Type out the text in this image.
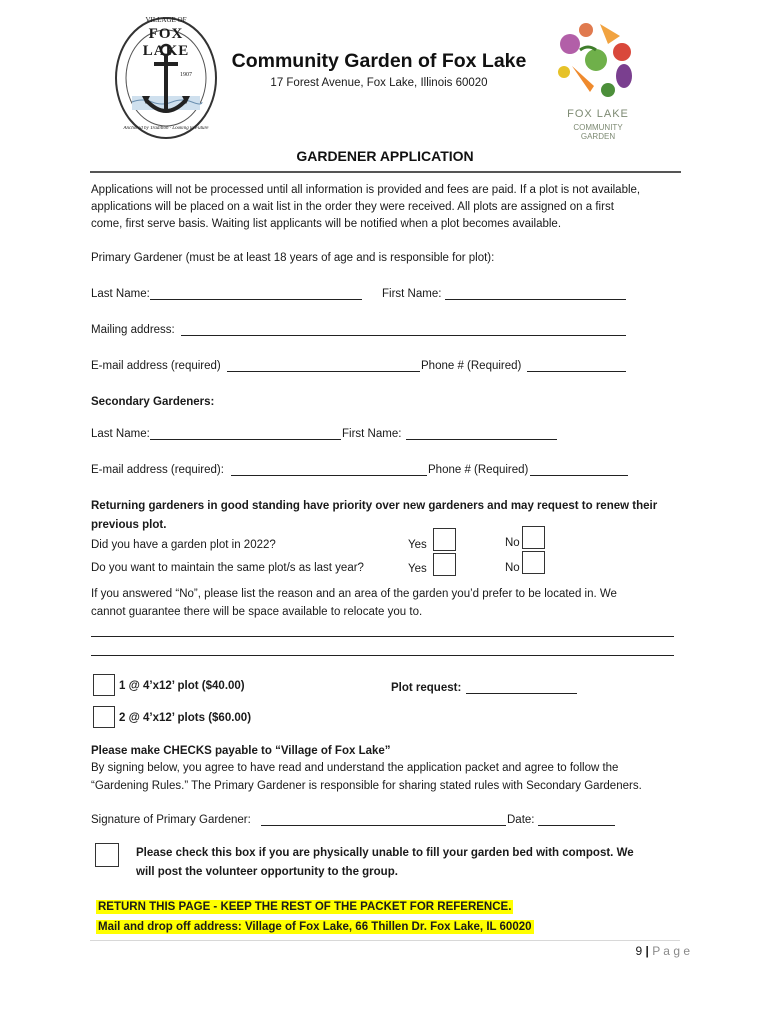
VILLAGE OF
FOX LAKE
1907
Anchored by Tradition · Looking to Future
Community Garden of Fox Lake
17 Forest Avenue, Fox Lake, Illinois 60020
FOX LAKE
COMMUNITY GARDEN
GARDENER APPLICATION
Applications will not be processed until all information is provided and fees are paid. If a plot is not available,
applications will be placed on a wait list in the order they were received. All plots are assigned on a first
come, first serve basis. Waiting list applicants will be notified when a plot becomes available.
Primary Gardener (must be at least 18 years of age and is responsible for plot):
Last Name:	First Name:
Mailing address:
E-mail address (required)	Phone # (Required)
Secondary Gardeners:
Last Name:	First Name:
E-mail address (required):	Phone # (Required)
Returning gardeners in good standing have priority over new gardeners and may request to renew their
previous plot.
Did you have a garden plot in 2022?	Yes	No
Do you want to maintain the same plot/s as last year?	Yes	No
If you answered “No”, please list the reason and an area of the garden you’d prefer to be located in. We
cannot guarantee there will be space available to relocate you to.
1 @ 4’x12’ plot ($40.00)	Plot request:
2 @ 4’x12’ plots ($60.00)
Please make CHECKS payable to “Village of Fox Lake”
By signing below, you agree to have read and understand the application packet and agree to follow the
“Gardening Rules.” The Primary Gardener is responsible for sharing stated rules with Secondary Gardeners.
Signature of Primary Gardener:	Date:
Please check this box if you are physically unable to fill your garden bed with compost. We
will post the volunteer opportunity to the group.
RETURN THIS PAGE - KEEP THE REST OF THE PACKET FOR REFERENCE.
Mail and drop off address: Village of Fox Lake, 66 Thillen Dr. Fox Lake, IL 60020
9 | P a g e
